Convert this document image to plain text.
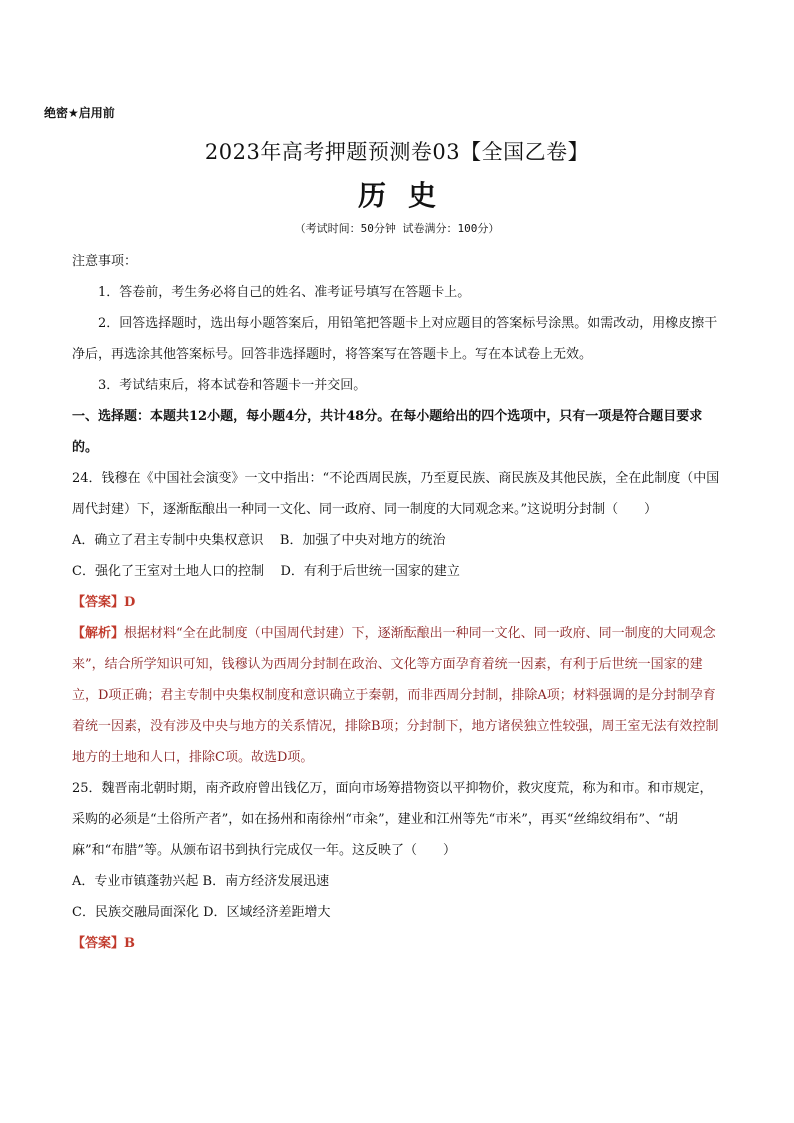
绝密★启用前
2023年高考押题预测卷03【全国乙卷】
历史
（考试时间：50分钟 试卷满分：100分）

注意事项：

1．答卷前，考生务必将自己的姓名、准考证号填写在答题卡上。

2．回答选择题时，选出每小题答案后，用铅笔把答题卡上对应题目的答案标号涂黑。如需改动，用橡皮擦干净后，再选涂其他答案标号。回答非选择题时，将答案写在答题卡上。写在本试卷上无效。

3．考试结束后，将本试卷和答题卡一并交回。

一、选择题：本题共12小题，每小题4分，共计48分。在每小题给出的四个选项中，只有一项是符合题目要求的。

24．钱穆在《中国社会演变》一文中指出：“不论西周民族，乃至夏民族、商民族及其他民族，全在此制度（中国周代封建）下，逐渐酝酿出一种同一文化、同一政府、同一制度的大同观念来。”这说明分封制（　　）

A．确立了君主专制中央集权意识    B．加强了中央对地方的统治

C．强化了王室对土地人口的控制    D．有利于后世统一国家的建立

【答案】D

【解析】根据材料“全在此制度（中国周代封建）下，逐渐酝酿出一种同一文化、同一政府、同一制度的大同观念来”，结合所学知识可知，钱穆认为西周分封制在政治、文化等方面孕育着统一因素，有利于后世统一国家的建立，D项正确；君主专制中央集权制度和意识确立于秦朝，而非西周分封制，排除A项；材料强调的是分封制孕育着统一因素，没有涉及中央与地方的关系情况，排除B项；分封制下，地方诸侯独立性较强，周王室无法有效控制地方的土地和人口，排除C项。故选D项。

25．魏晋南北朝时期，南齐政府曾出钱亿万，面向市场筹措物资以平抑物价，救灾度荒，称为和市。和市规定，采购的必须是“土俗所产者”，如在扬州和南徐州“市籴”，建业和江州等先“市米”，再买“丝绵纹绢布”、“胡麻”和“布腊”等。从颁布诏书到执行完成仅一年。这反映了（　　）

A．专业市镇蓬勃兴起 B．南方经济发展迅速

C．民族交融局面深化 D．区域经济差距增大

【答案】B
